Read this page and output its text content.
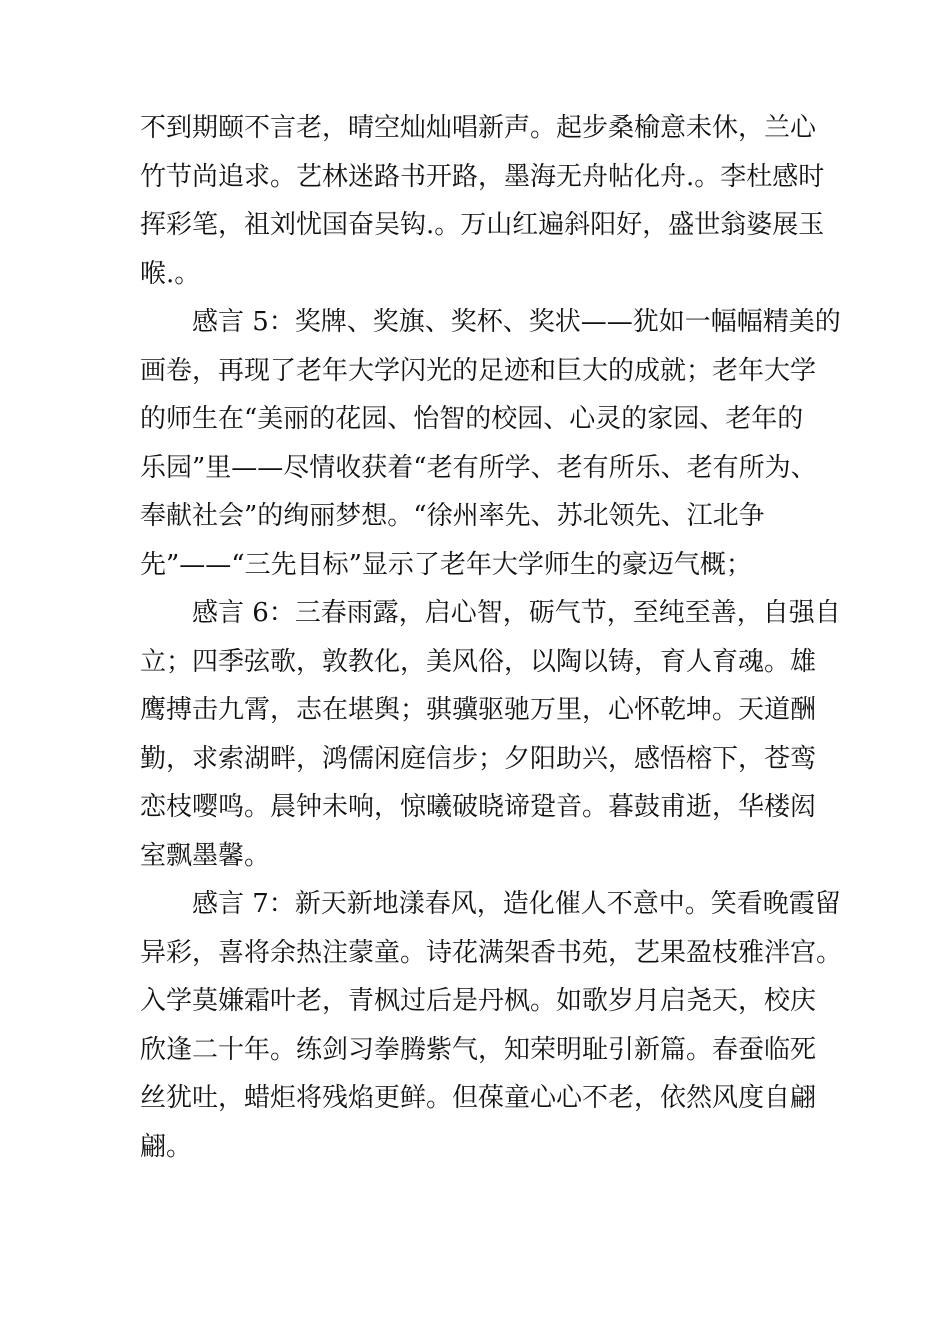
不到期颐不言老，晴空灿灿唱新声。起步桑榆意未休，兰心
竹节尚追求。艺林迷路书开路，墨海无舟帖化舟.。李杜感时
挥彩笔，祖刘忧国奋吴钩.。万山红遍斜阳好，盛世翁婆展玉
喉.。
感言 5：奖牌、奖旗、奖杯、奖状——犹如一幅幅精美的
画卷，再现了老年大学闪光的足迹和巨大的成就；老年大学
的师生在“美丽的花园、怡智的校园、心灵的家园、老年的
乐园”里——尽情收获着“老有所学、老有所乐、老有所为、
奉献社会”的绚丽梦想。“徐州率先、苏北领先、江北争
先”——“三先目标”显示了老年大学师生的豪迈气概；
感言 6：三春雨露，启心智，砺气节，至纯至善，自强自
立；四季弦歌，敦教化，美风俗，以陶以铸，育人育魂。雄
鹰搏击九霄，志在堪舆；骐骥驱驰万里，心怀乾坤。天道酬
勤，求索湖畔，鸿儒闲庭信步；夕阳助兴，感悟榕下，苍鸾
恋枝嘤鸣。晨钟未响，惊曦破晓谛跫音。暮鼓甫逝，华楼闳
室飘墨馨。
感言 7：新天新地漾春风，造化催人不意中。笑看晚霞留
异彩，喜将余热注蒙童。诗花满架香书苑，艺果盈枝雅泮宫。
入学莫嫌霜叶老，青枫过后是丹枫。如歌岁月启尧天，校庆
欣逢二十年。练剑习拳腾紫气，知荣明耻引新篇。春蚕临死
丝犹吐，蜡炬将残焰更鲜。但葆童心心不老，依然风度自翩
翩。
